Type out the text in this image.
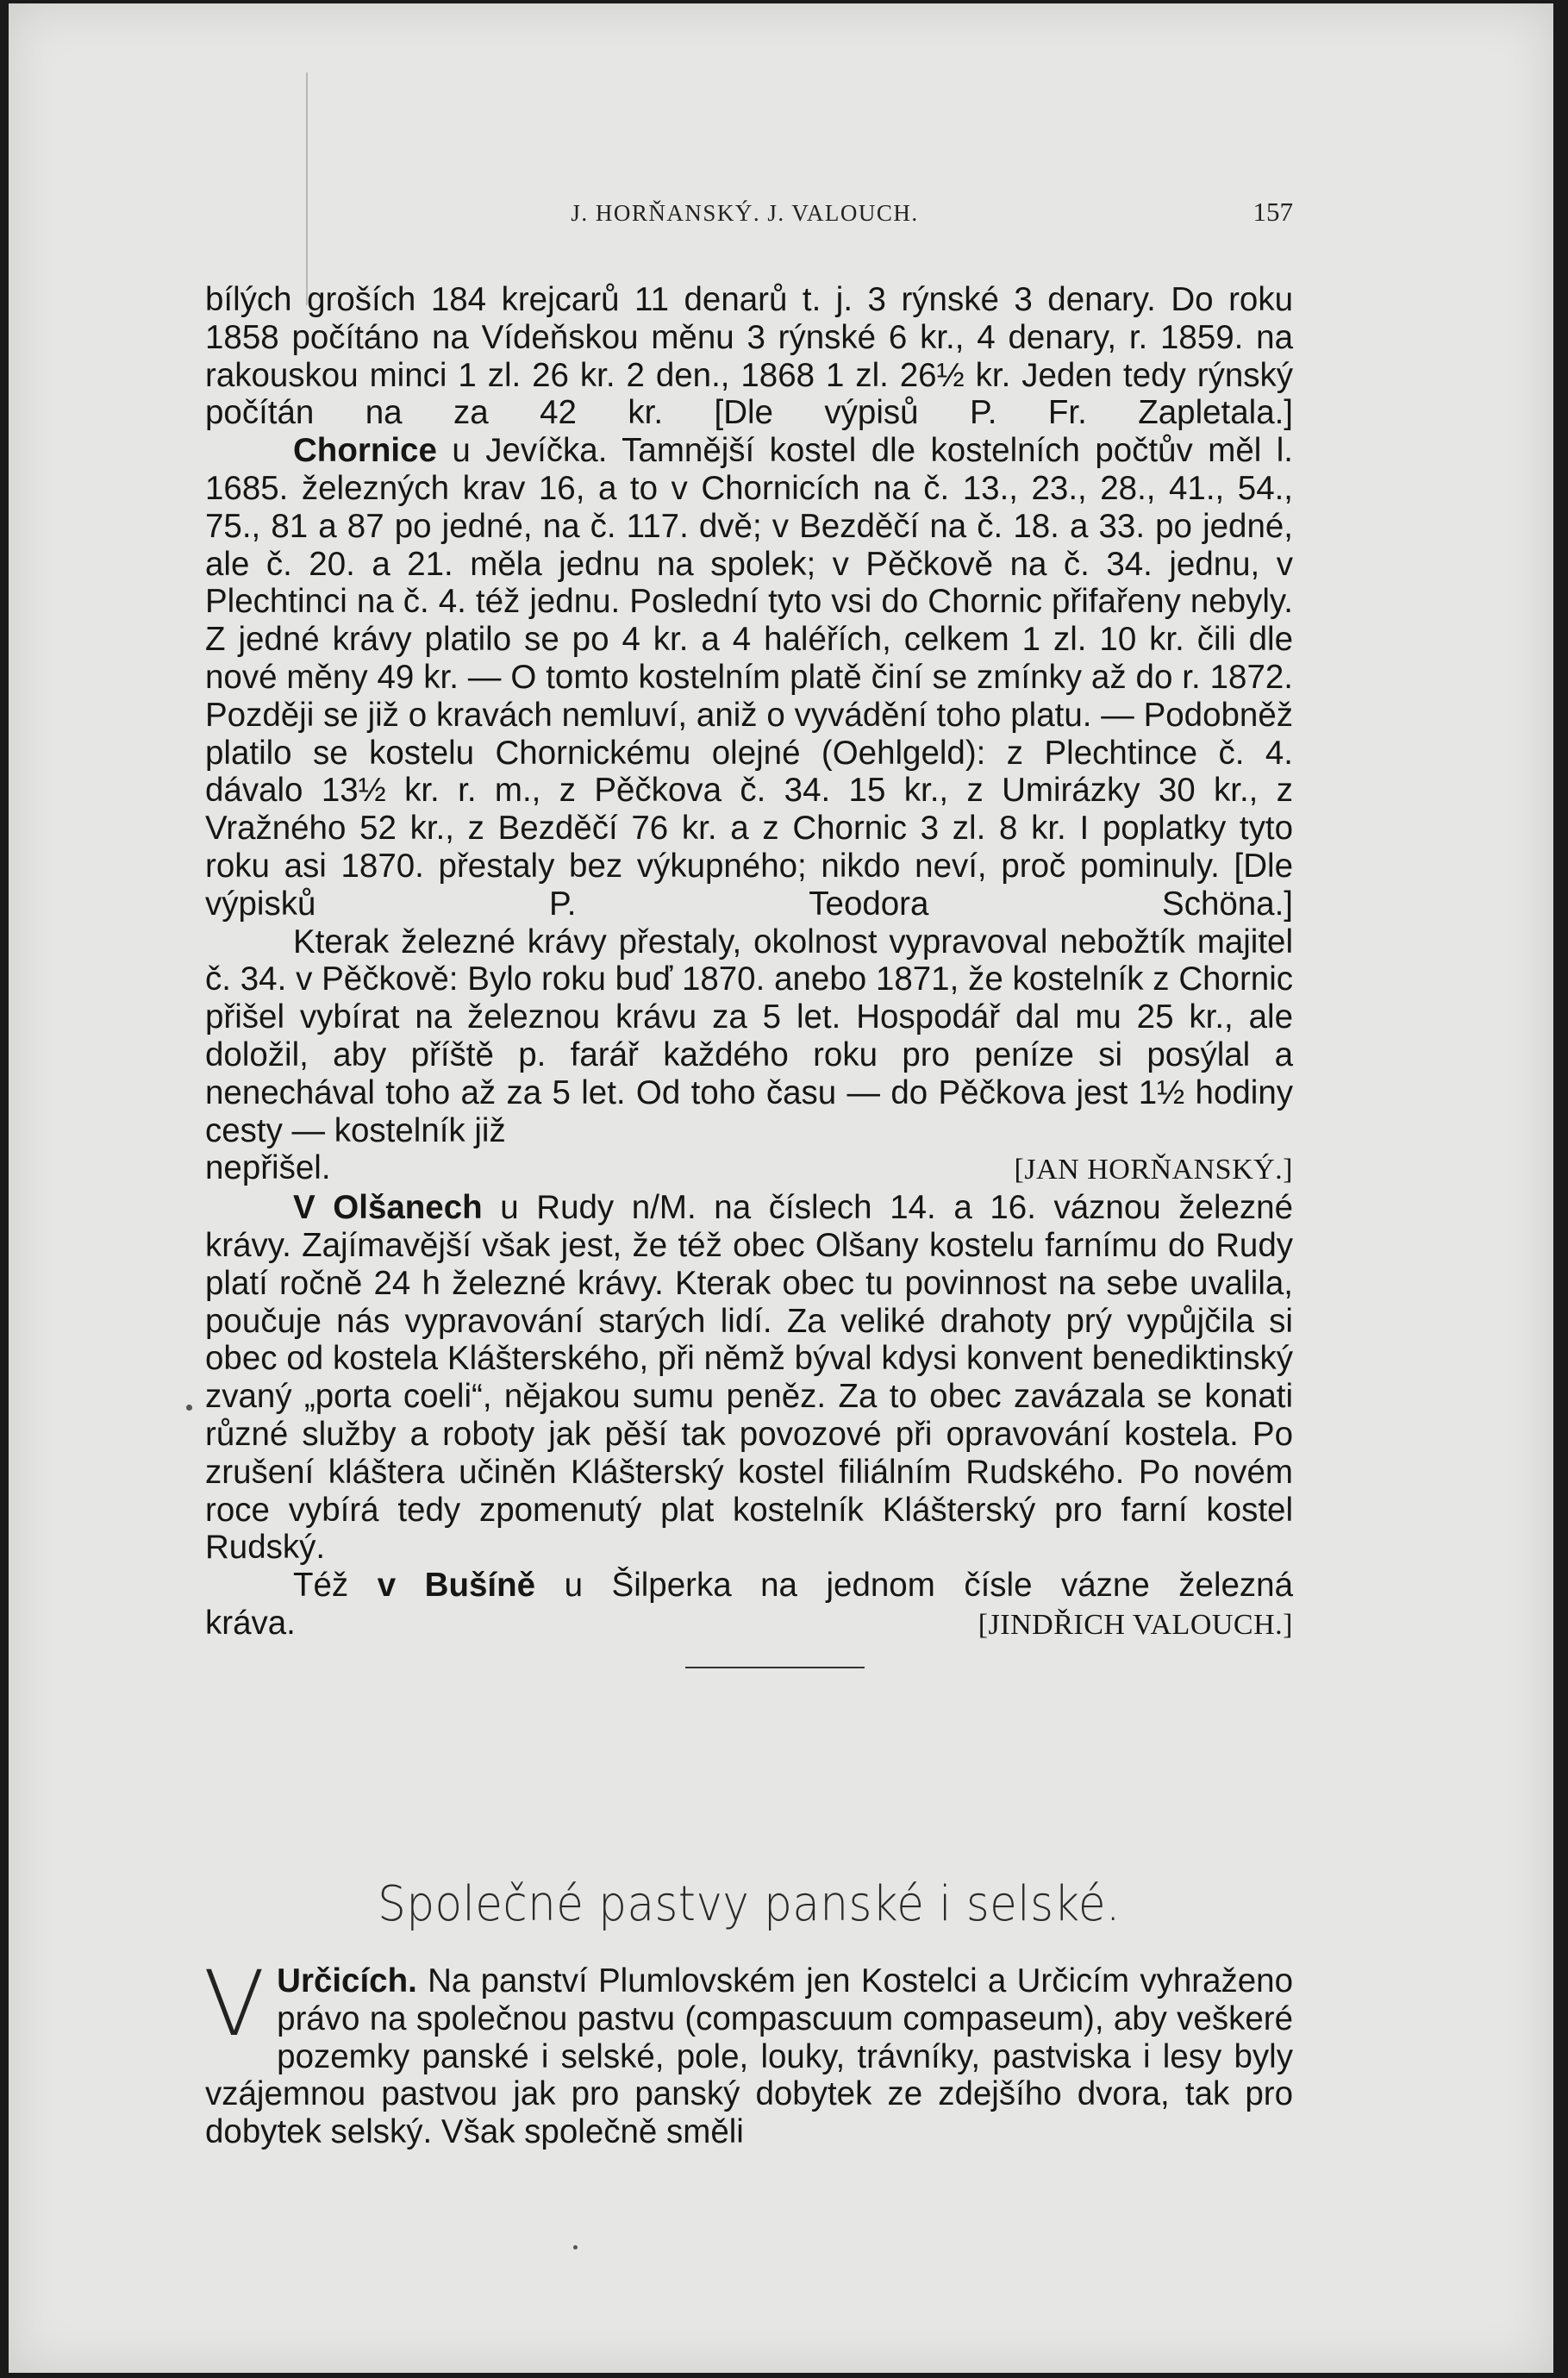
J. HORŇANSKÝ. J. VALOUCH.	157

bílých groších 184 krejcarů 11 denarů t. j. 3 rýnské 3 denary. Do roku 1858 počítáno na Vídeňskou měnu 3 rýnské 6 kr., 4 denary, r. 1859. na rakouskou minci 1 zl. 26 kr. 2 den., 1868 1 zl. 26½ kr. Jeden tedy rýnský počítán na za 42 kr. [Dle výpisů P. Fr. Zapletala.]

Chornice u Jevíčka. Tamnější kostel dle kostelních počtův měl l. 1685. železných krav 16, a to v Chornicích na č. 13., 23., 28., 41., 54., 75., 81 a 87 po jedné, na č. 117. dvě; v Bezděčí na č. 18. a 33. po jedné, ale č. 20. a 21. měla jednu na spolek; v Pěčkově na č. 34. jednu, v Plechtinci na č. 4. též jednu. Poslední tyto vsi do Chornic přifařeny nebyly. Z jedné krávy platilo se po 4 kr. a 4 haléřích, celkem 1 zl. 10 kr. čili dle nové měny 49 kr. — O tomto kostelním platě činí se zmínky až do r. 1872. Později se již o kravách nemluví, aniž o vyvádění toho platu. — Podobněž platilo se kostelu Chornickému olejné (Oehlgeld): z Plechtince č. 4. dávalo 13½ kr. r. m., z Pěčkova č. 34. 15 kr., z Umirázky 30 kr., z Vražného 52 kr., z Bezděčí 76 kr. a z Chornic 3 zl. 8 kr. I poplatky tyto roku asi 1870. přestaly bez výkupného; nikdo neví, proč pominuly. [Dle výpisků P. Teodora Schöna.]

Kterak železné krávy přestaly, okolnost vypravoval nebožtík majitel č. 34. v Pěčkově: Bylo roku buď 1870. anebo 1871, že kostelník z Chornic přišel vybírat na železnou krávu za 5 let. Hospodář dal mu 25 kr., ale doložil, aby příště p. farář každého roku pro peníze si posýlal a nenechával toho až za 5 let. Od toho času — do Pěčkova jest 1½ hodiny cesty — kostelník již

nepřišel.	[JAN HORŇANSKÝ.]

V Olšanech u Rudy n/M. na číslech 14. a 16. váznou železné krávy. Zajímavější však jest, že též obec Olšany kostelu farnímu do Rudy platí ročně 24 h železné krávy. Kterak obec tu povinnost na sebe uvalila, poučuje nás vypravování starých lidí. Za veliké drahoty prý vypůjčila si obec od kostela Klášterského, při němž býval kdysi konvent benediktinský zvaný „porta coeli“, nějakou sumu peněz. Za to obec zavázala se konati různé služby a roboty jak pěší tak povozové při opravování kostela. Po zrušení kláštera učiněn Klášterský kostel filiálním Rudského. Po novém roce vybírá tedy zpomenutý plat kostelník Klášterský pro farní kostel Rudský.

Též v Bušíně u Šilperka na jednom čísle vázne železná

kráva.	[JINDŘICH VALOUCH.]
Společné pastvy panské i selské.

V Určicích. Na panství Plumlovském jen Kostelci a Určicím vyhraženo právo na společnou pastvu (compascuum compaseum), aby veškeré pozemky panské i selské, pole, louky, trávníky, pastviska i lesy byly vzájemnou pastvou jak pro panský dobytek ze zdejšího dvora, tak pro dobytek selský. Však společně směli
